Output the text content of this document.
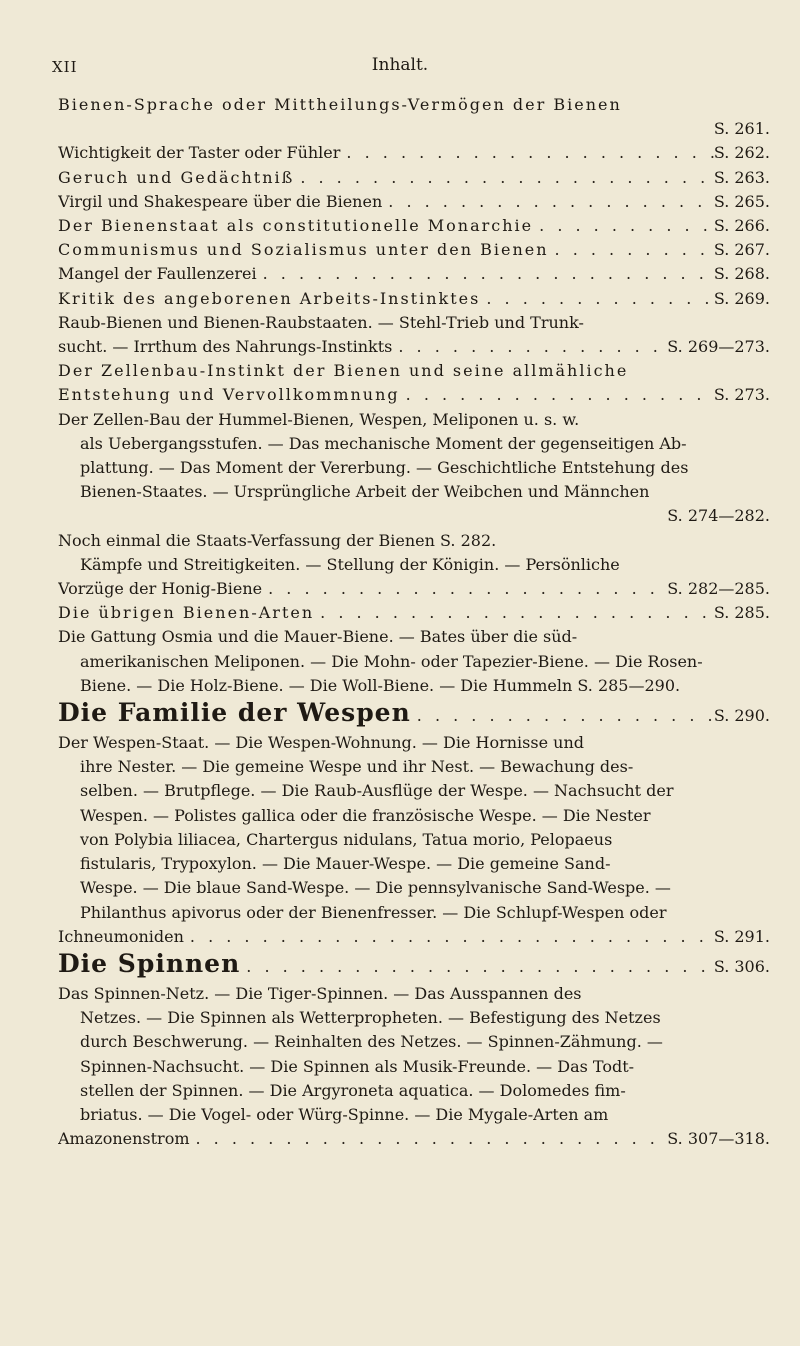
XII	Inhalt.
Bienen-Sprache oder Mittheilungs-Vermögen der Bienen
S. 261.
Wichtigkeit der Taster oder Fühler . . .	S. 262.
Geruch und Gedächtniß . . .	S. 263.
Virgil und Shakespeare über die Bienen . . .	S. 265.
Der Bienenstaat als constitutionelle Monarchie . . .	S. 266.
Communismus und Sozialismus unter den Bienen . . .	S. 267.
Mangel der Faullenzerei . . .	S. 268.
Kritik des angeborenen Arbeits-Instinktes . . .	S. 269.
Raub-Bienen und Bienen-Raubstaaten. — Stehl-Trieb und Trunk-
sucht. — Irrthum des Nahrungs-Instinkts . . .	S. 269—273.
Der Zellenbau-Instinkt der Bienen und seine allmähliche
Entstehung und Vervollkommnung . . .	S. 273.
Der Zellen-Bau der Hummel-Bienen, Wespen, Meliponen u. s. w.
als Uebergangsstufen. — Das mechanische Moment der gegenseitigen Ab-
plattung. — Das Moment der Vererbung. — Geschichtliche Entstehung des
Bienen-Staates. — Ursprüngliche Arbeit der Weibchen und Männchen
S. 274—282.
Noch einmal die Staats-Verfassung der Bienen S. 282.
Kämpfe und Streitigkeiten. — Stellung der Königin. — Persönliche
Vorzüge der Honig-Biene . . .	S. 282—285.
Die übrigen Bienen-Arten . . .	S. 285.
Die Gattung Osmia und die Mauer-Biene. — Bates über die süd-
amerikanischen Meliponen. — Die Mohn- oder Tapezier-Biene. — Die Rosen-
Biene. — Die Holz-Biene. — Die Woll-Biene. — Die Hummeln S. 285—290.
Die Familie der Wespen . . .	S. 290.
Der Wespen-Staat. — Die Wespen-Wohnung. — Die Hornisse und
ihre Nester. — Die gemeine Wespe und ihr Nest. — Bewachung des-
selben. — Brutpflege. — Die Raub-Ausflüge der Wespe. — Nachsucht der
Wespen. — Polistes gallica oder die französische Wespe. — Die Nester
von Polybia liliacea, Chartergus nidulans, Tatua morio, Pelopaeus
fistularis, Trypoxylon. — Die Mauer-Wespe. — Die gemeine Sand-
Wespe. — Die blaue Sand-Wespe. — Die pennsylvanische Sand-Wespe. —
Philanthus apivorus oder der Bienenfresser. — Die Schlupf-Wespen oder
Ichneumoniden . . .	S. 291.
Die Spinnen . . .	S. 306.
Das Spinnen-Netz. — Die Tiger-Spinnen. — Das Ausspannen des
Netzes. — Die Spinnen als Wetterpropheten. — Befestigung des Netzes
durch Beschwerung. — Reinhalten des Netzes. — Spinnen-Zähmung. —
Spinnen-Nachsucht. — Die Spinnen als Musik-Freunde. — Das Todt-
stellen der Spinnen. — Die Argyroneta aquatica. — Dolomedes fim-
briatus. — Die Vogel- oder Würg-Spinne. — Die Mygale-Arten am
Amazonenstrom . . .	S. 307—318.
